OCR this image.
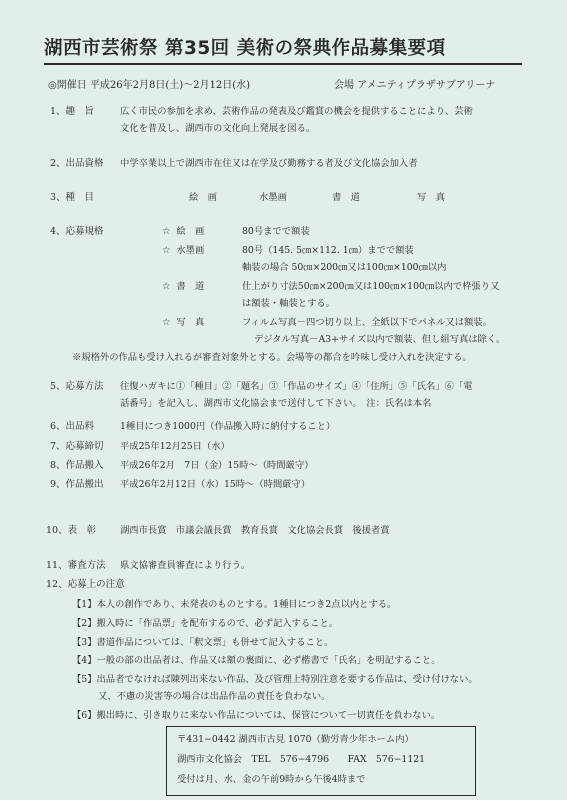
湖西市芸術祭 第35回 美術の祭典作品募集要項
◎開催日 平成26年2月8日(土)〜2月12日(水)	会場 アメニティプラザサブアリーナ
1、趣　旨	広く市民の参加を求め、芸術作品の発表及び鑑賞の機会を提供することにより、芸術
文化を普及し、湖西市の文化向上発展を図る。
2、出品資格 中学卒業以上で湖西市在住又は在学及び勤務する者及び文化協会加入者
3、種　目	絵　画	水墨画	書　道	写　真
4、応募規格	☆ 絵　画	80号までで額装
☆ 水墨画	80号（145. 5㎝×112. 1㎝）までで額装
軸装の場合 50㎝×200㎝又は100㎝×100㎝以内
☆ 書　道	仕上がり寸法50㎝×200㎝又は100㎝×100㎝以内で枠張り又
は額装・軸装とする。
☆ 写　真	フィルム写真－四つ切り以上、全紙以下でパネル又は額装。
デジタル写真－A3+サイズ以内で額装、但し組写真は除く。
※規格外の作品も受け入れるが審査対象外とする。会場等の都合を吟味し受け入れを決定する。
5、応募方法 往復ハガキに①「種目」②「題名」③「作品のサイズ」④「住所」⑤「氏名」⑥「電
話番号」を記入し、湖西市文化協会まで送付して下さい。　注：氏名は本名
6、出品料	1種目につき1000円（作品搬入時に納付すること）
7、応募締切 平成25年12月25日（水）
8、作品搬入 平成26年2月　7日（金）15時〜（時間厳守）
9、作品搬出 平成26年2月12日（水）15時〜（時間厳守）
10、表　彰	湖西市長賞　市議会議長賞　教育長賞　文化協会長賞　後援者賞
11、審査方法 県文協審査員審査により行う。
12、応募上の注意
【1】本人の創作であり、未発表のものとする。1種目につき2点以内とする。
【2】搬入時に「作品票」を配布するので、必ず記入すること。
【3】書道作品については、「釈文票」も併せて記入すること。
【4】一般の部の出品者は、作品又は額の裏面に、必ず楷書で「氏名」を明記すること。
【5】出品者でなければ陳列出来ない作品、及び管理上特別注意を要する作品は、受け付けない。
又、不慮の災害等の場合は出品作品の責任を負わない。
【6】搬出時に、引き取りに来ない作品については、保管について一切責任を負わない。
〒431−0442 湖西市古見 1070（勤労青少年ホーム内）
湖西市文化協会　TEL　576−4796　　FAX　576−1121
受付は月、水、金の午前9時から午後4時まで
